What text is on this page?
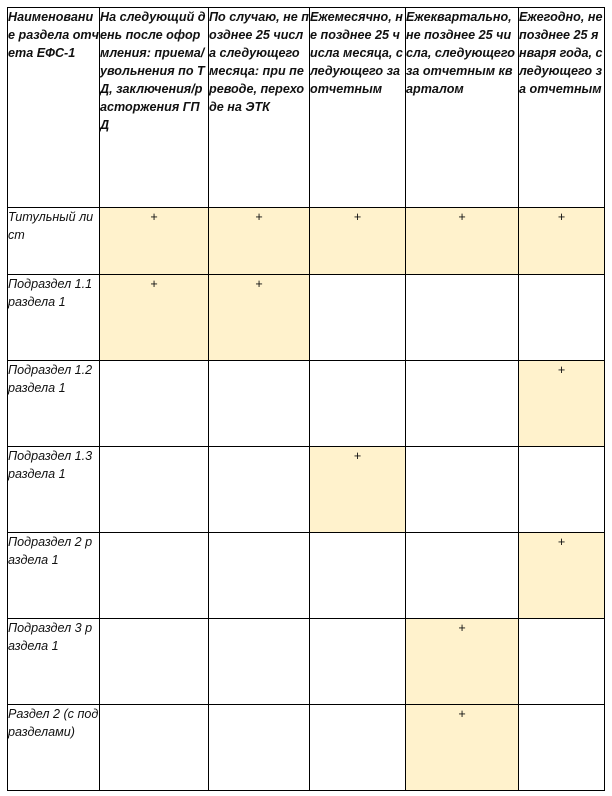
Наименование раздела отчета ЕФС-1	На следующий день после оформления: приема/увольнения по ТД, заключения/расторжения ГПД	По случаю, не позднее 25 числа следующего месяца: при переводе, переходе на ЭТК	Ежемесячно, не позднее 25 числа месяца, следующего за отчетным	Ежеквартально, не позднее 25 числа, следующего за отчетным кварталом	Ежегодно, не позднее 25 января года, следующего за отчетным
Титульный лист	+	+	+	+	+
Подраздел 1.1 раздела 1	+	+			
Подраздел 1.2 раздела 1					+
Подраздел 1.3 раздела 1			+		
Подраздел 2 раздела 1					+
Подраздел 3 раздела 1				+	
Раздел 2 (с подразделами)				+	
